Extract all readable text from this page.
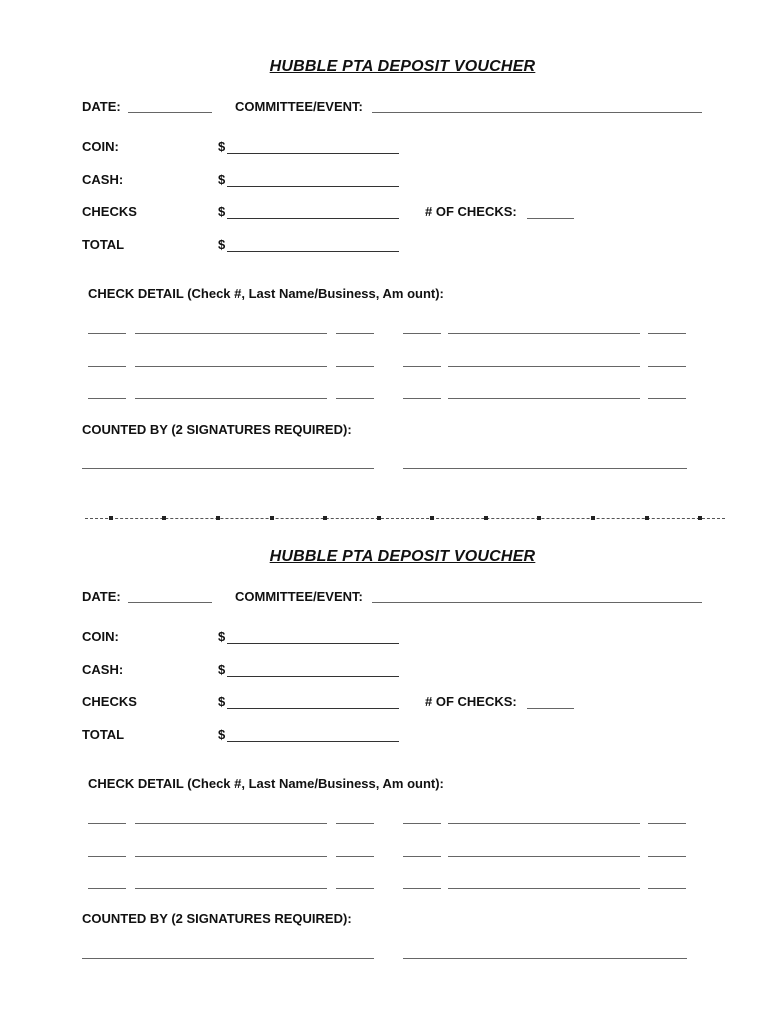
HUBBLE PTA DEPOSIT VOUCHER
DATE:	COMMITTEE/EVENT:
COIN:	$
CASH:	$
CHECKS	$	# OF CHECKS:
TOTAL	$
CHECK DETAIL (Check #, Last Name/Business, Am ount):
COUNTED BY (2 SIGNATURES REQUIRED):
HUBBLE PTA DEPOSIT VOUCHER
DATE:	COMMITTEE/EVENT:
COIN:	$
CASH:	$
CHECKS	$	# OF CHECKS:
TOTAL	$
CHECK DETAIL (Check #, Last Name/Business, Am ount):
COUNTED BY (2 SIGNATURES REQUIRED):
